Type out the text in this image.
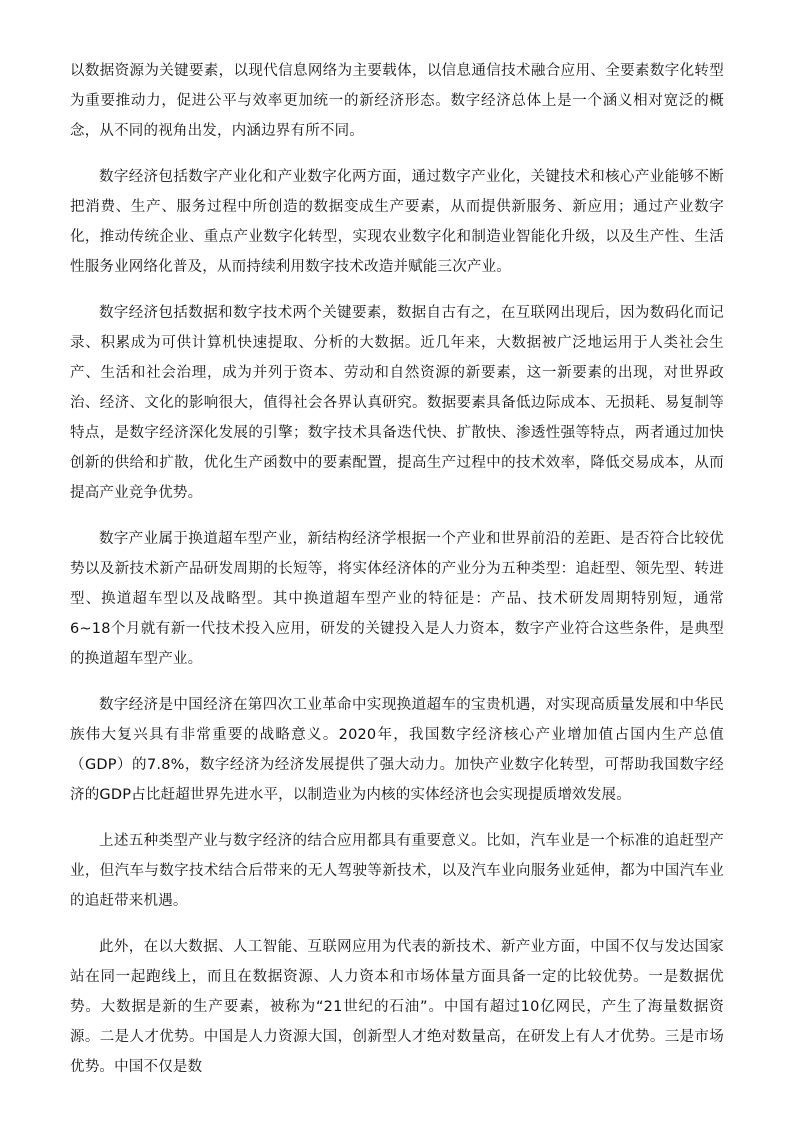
以数据资源为关键要素，以现代信息网络为主要载体，以信息通信技术融合应用、全要素数字化转型为重要推动力，促进公平与效率更加统一的新经济形态。数字经济总体上是一个涵义相对宽泛的概念，从不同的视角出发，内涵边界有所不同。

数字经济包括数字产业化和产业数字化两方面，通过数字产业化，关键技术和核心产业能够不断把消费、生产、服务过程中所创造的数据变成生产要素，从而提供新服务、新应用；通过产业数字化，推动传统企业、重点产业数字化转型，实现农业数字化和制造业智能化升级，以及生产性、生活性服务业网络化普及，从而持续利用数字技术改造并赋能三次产业。

数字经济包括数据和数字技术两个关键要素，数据自古有之，在互联网出现后，因为数码化而记录、积累成为可供计算机快速提取、分析的大数据。近几年来，大数据被广泛地运用于人类社会生产、生活和社会治理，成为并列于资本、劳动和自然资源的新要素，这一新要素的出现，对世界政治、经济、文化的影响很大，值得社会各界认真研究。数据要素具备低边际成本、无损耗、易复制等特点，是数字经济深化发展的引擎；数字技术具备迭代快、扩散快、渗透性强等特点，两者通过加快创新的供给和扩散，优化生产函数中的要素配置，提高生产过程中的技术效率，降低交易成本，从而提高产业竞争优势。

数字产业属于换道超车型产业，新结构经济学根据一个产业和世界前沿的差距、是否符合比较优势以及新技术新产品研发周期的长短等，将实体经济体的产业分为五种类型：追赶型、领先型、转进型、换道超车型以及战略型。其中换道超车型产业的特征是：产品、技术研发周期特别短，通常6~18个月就有新一代技术投入应用，研发的关键投入是人力资本，数字产业符合这些条件，是典型的换道超车型产业。

数字经济是中国经济在第四次工业革命中实现换道超车的宝贵机遇，对实现高质量发展和中华民族伟大复兴具有非常重要的战略意义。2020年，我国数字经济核心产业增加值占国内生产总值（GDP）的7.8%，数字经济为经济发展提供了强大动力。加快产业数字化转型，可帮助我国数字经济的GDP占比赶超世界先进水平，以制造业为内核的实体经济也会实现提质增效发展。

上述五种类型产业与数字经济的结合应用都具有重要意义。比如，汽车业是一个标准的追赶型产业，但汽车与数字技术结合后带来的无人驾驶等新技术，以及汽车业向服务业延伸，都为中国汽车业的追赶带来机遇。

此外，在以大数据、人工智能、互联网应用为代表的新技术、新产业方面，中国不仅与发达国家站在同一起跑线上，而且在数据资源、人力资本和市场体量方面具备一定的比较优势。一是数据优势。大数据是新的生产要素，被称为“21世纪的石油”。中国有超过10亿网民，产生了海量数据资源。二是人才优势。中国是人力资源大国，创新型人才绝对数量高，在研发上有人才优势。三是市场优势。中国不仅是数
